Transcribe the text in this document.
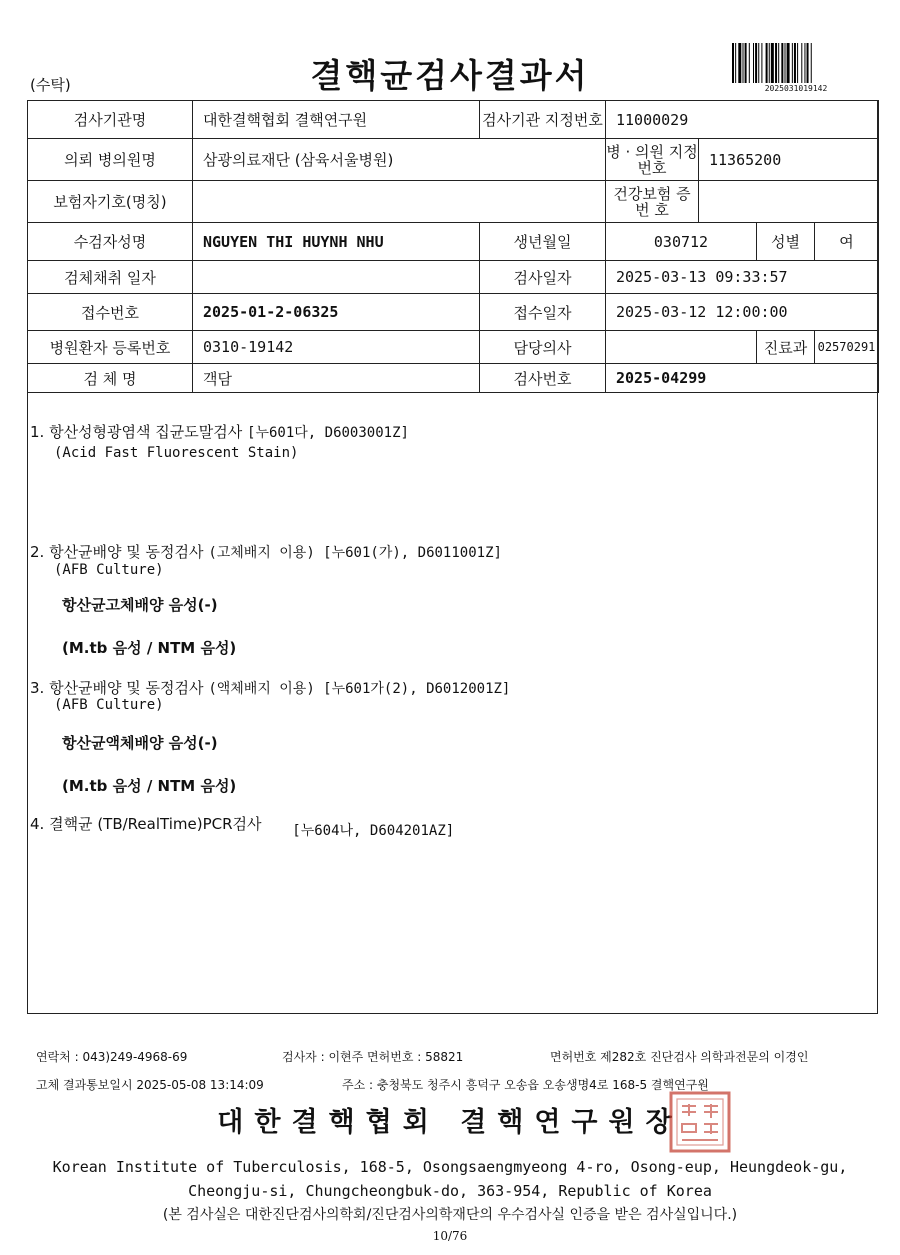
(수탁)	결핵균검사결과서	2025031019142
검사기관명	대한결핵협회 결핵연구원	검사기관 지정번호	11000029			
의뢰 병의원명	삼광의료재단 (삼육서울병원)		병 · 의원 지정번호	11365200		
보험자기호(명칭)			건강보험 증 번 호			
수검자성명	NGUYEN THI HUYNH NHU	생년월일	030712		성별	여
검체채취 일자		검사일자	2025-03-13 09:33:57			
접수번호	2025-01-2-06325	접수일자	2025-03-12 12:00:00			
병원환자 등록번호	0310-19142	담당의사			진료과	02570291
검 체 명	객담	검사번호	2025-04299			
1. 항산성형광염색 집균도말검사 [누601다, D6003001Z]
(Acid Fast Fluorescent Stain)
2. 항산균배양 및 동정검사 (고체배지 이용) [누601(가), D6011001Z]
(AFB Culture)
항산균고체배양 음성(-)
(M.tb 음성 / NTM 음성)
3. 항산균배양 및 동정검사 (액체배지 이용) [누601가(2), D6012001Z]
(AFB Culture)
항산균액체배양 음성(-)
(M.tb 음성 / NTM 음성)
4. 결핵균 (TB/RealTime)PCR검사 [누604나, D604201AZ]
연락처 : 043)249-4968-69	검사자 : 이현주 면허번호 : 58821	면허번호 제282호 진단검사 의학과전문의 이경인
고체 결과통보일시 2025-05-08 13:14:09	주소 : 충청북도 청주시 흥덕구 오송읍 오송생명4로 168-5 결핵연구원
대한결핵협회 결핵연구원장
Korean Institute of Tuberculosis, 168-5, Osongsaengmyeong 4-ro, Osong-eup, Heungdeok-gu,
Cheongju-si, Chungcheongbuk-do, 363-954, Republic of Korea
(본 검사실은 대한진단검사의학회/진단검사의학재단의 우수검사실 인증을 받은 검사실입니다.)
10/76
